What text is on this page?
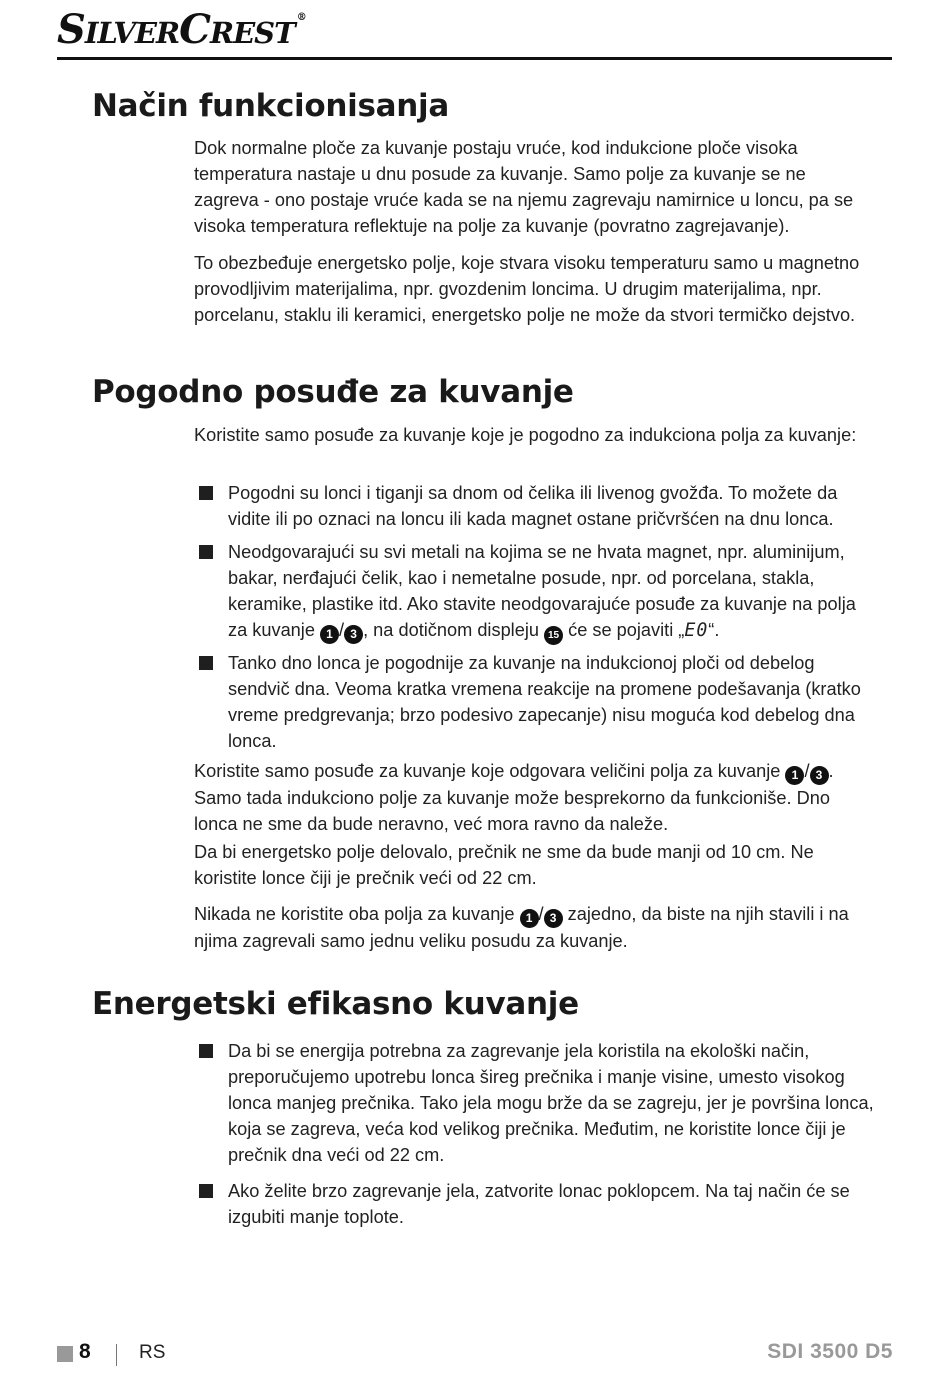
SILVERCREST ®
Način funkcionisanja

Dok normalne ploče za kuvanje postaju vruće, kod indukcione ploče visoka temperatura nastaje u dnu posude za kuvanje. Samo polje za kuvanje se ne zagreva - ono postaje vruće kada se na njemu zagrevaju namirnice u loncu, pa se visoka temperatura reflektuje na polje za kuvanje (povratno zagrejavanje).

To obezbeđuje energetsko polje, koje stvara visoku temperaturu samo u magnetno provodljivim materijalima, npr. gvozdenim loncima. U drugim materijalima, npr. porcelanu, staklu ili keramici, energetsko polje ne može da stvori termičko dejstvo.

Pogodno posuđe za kuvanje

Koristite samo posuđe za kuvanje koje je pogodno za indukciona polja za kuvanje:

Pogodni su lonci i tiganji sa dnom od čelika ili livenog gvožđa. To možete da vidite ili po oznaci na loncu ili kada magnet ostane pričvršćen na dnu lonca.
Neodgovarajući su svi metali na kojima se ne hvata magnet, npr. aluminijum, bakar, nerđajući čelik, kao i nemetalne posude, npr. od porcelana, stakla, keramike, plastike itd. Ako stavite neodgovarajuće posuđe za kuvanje na polja za kuvanje 1 / 3 , na dotičnom displeju 15 će se pojaviti „E0“.
Tanko dno lonca je pogodnije za kuvanje na indukcionoj ploči od debelog sendvič dna. Veoma kratka vremena reakcije na promene podešavanja (kratko vreme predgrevanja; brzo podesivo zapecanje) nisu moguća kod debelog dna lonca.

Koristite samo posuđe za kuvanje koje odgovara veličini polja za kuvanje 1 / 3 . Samo tada indukciono polje za kuvanje može besprekorno da funkcioniše. Dno lonca ne sme da bude neravno, već mora ravno da naleže.

Da bi energetsko polje delovalo, prečnik ne sme da bude manji od 10 cm. Ne koristite lonce čiji je prečnik veći od 22 cm.

Nikada ne koristite oba polja za kuvanje 1 / 3 zajedno, da biste na njih stavili i na njima zagrevali samo jednu veliku posudu za kuvanje.

Energetski efikasno kuvanje
Da bi se energija potrebna za zagrevanje jela koristila na ekološki način, preporučujemo upotrebu lonca šireg prečnika i manje visine, umesto visokog lonca manjeg prečnika. Tako jela mogu brže da se zagreju, jer je površina lonca, koja se zagreva, veća kod velikog prečnika. Međutim, ne koristite lonce čiji je prečnik dna veći od 22 cm.
Ako želite brzo zagrevanje jela, zatvorite lonac poklopcem. Na taj način će se izgubiti manje toplote.
8	RS	SDI 3500 D5
